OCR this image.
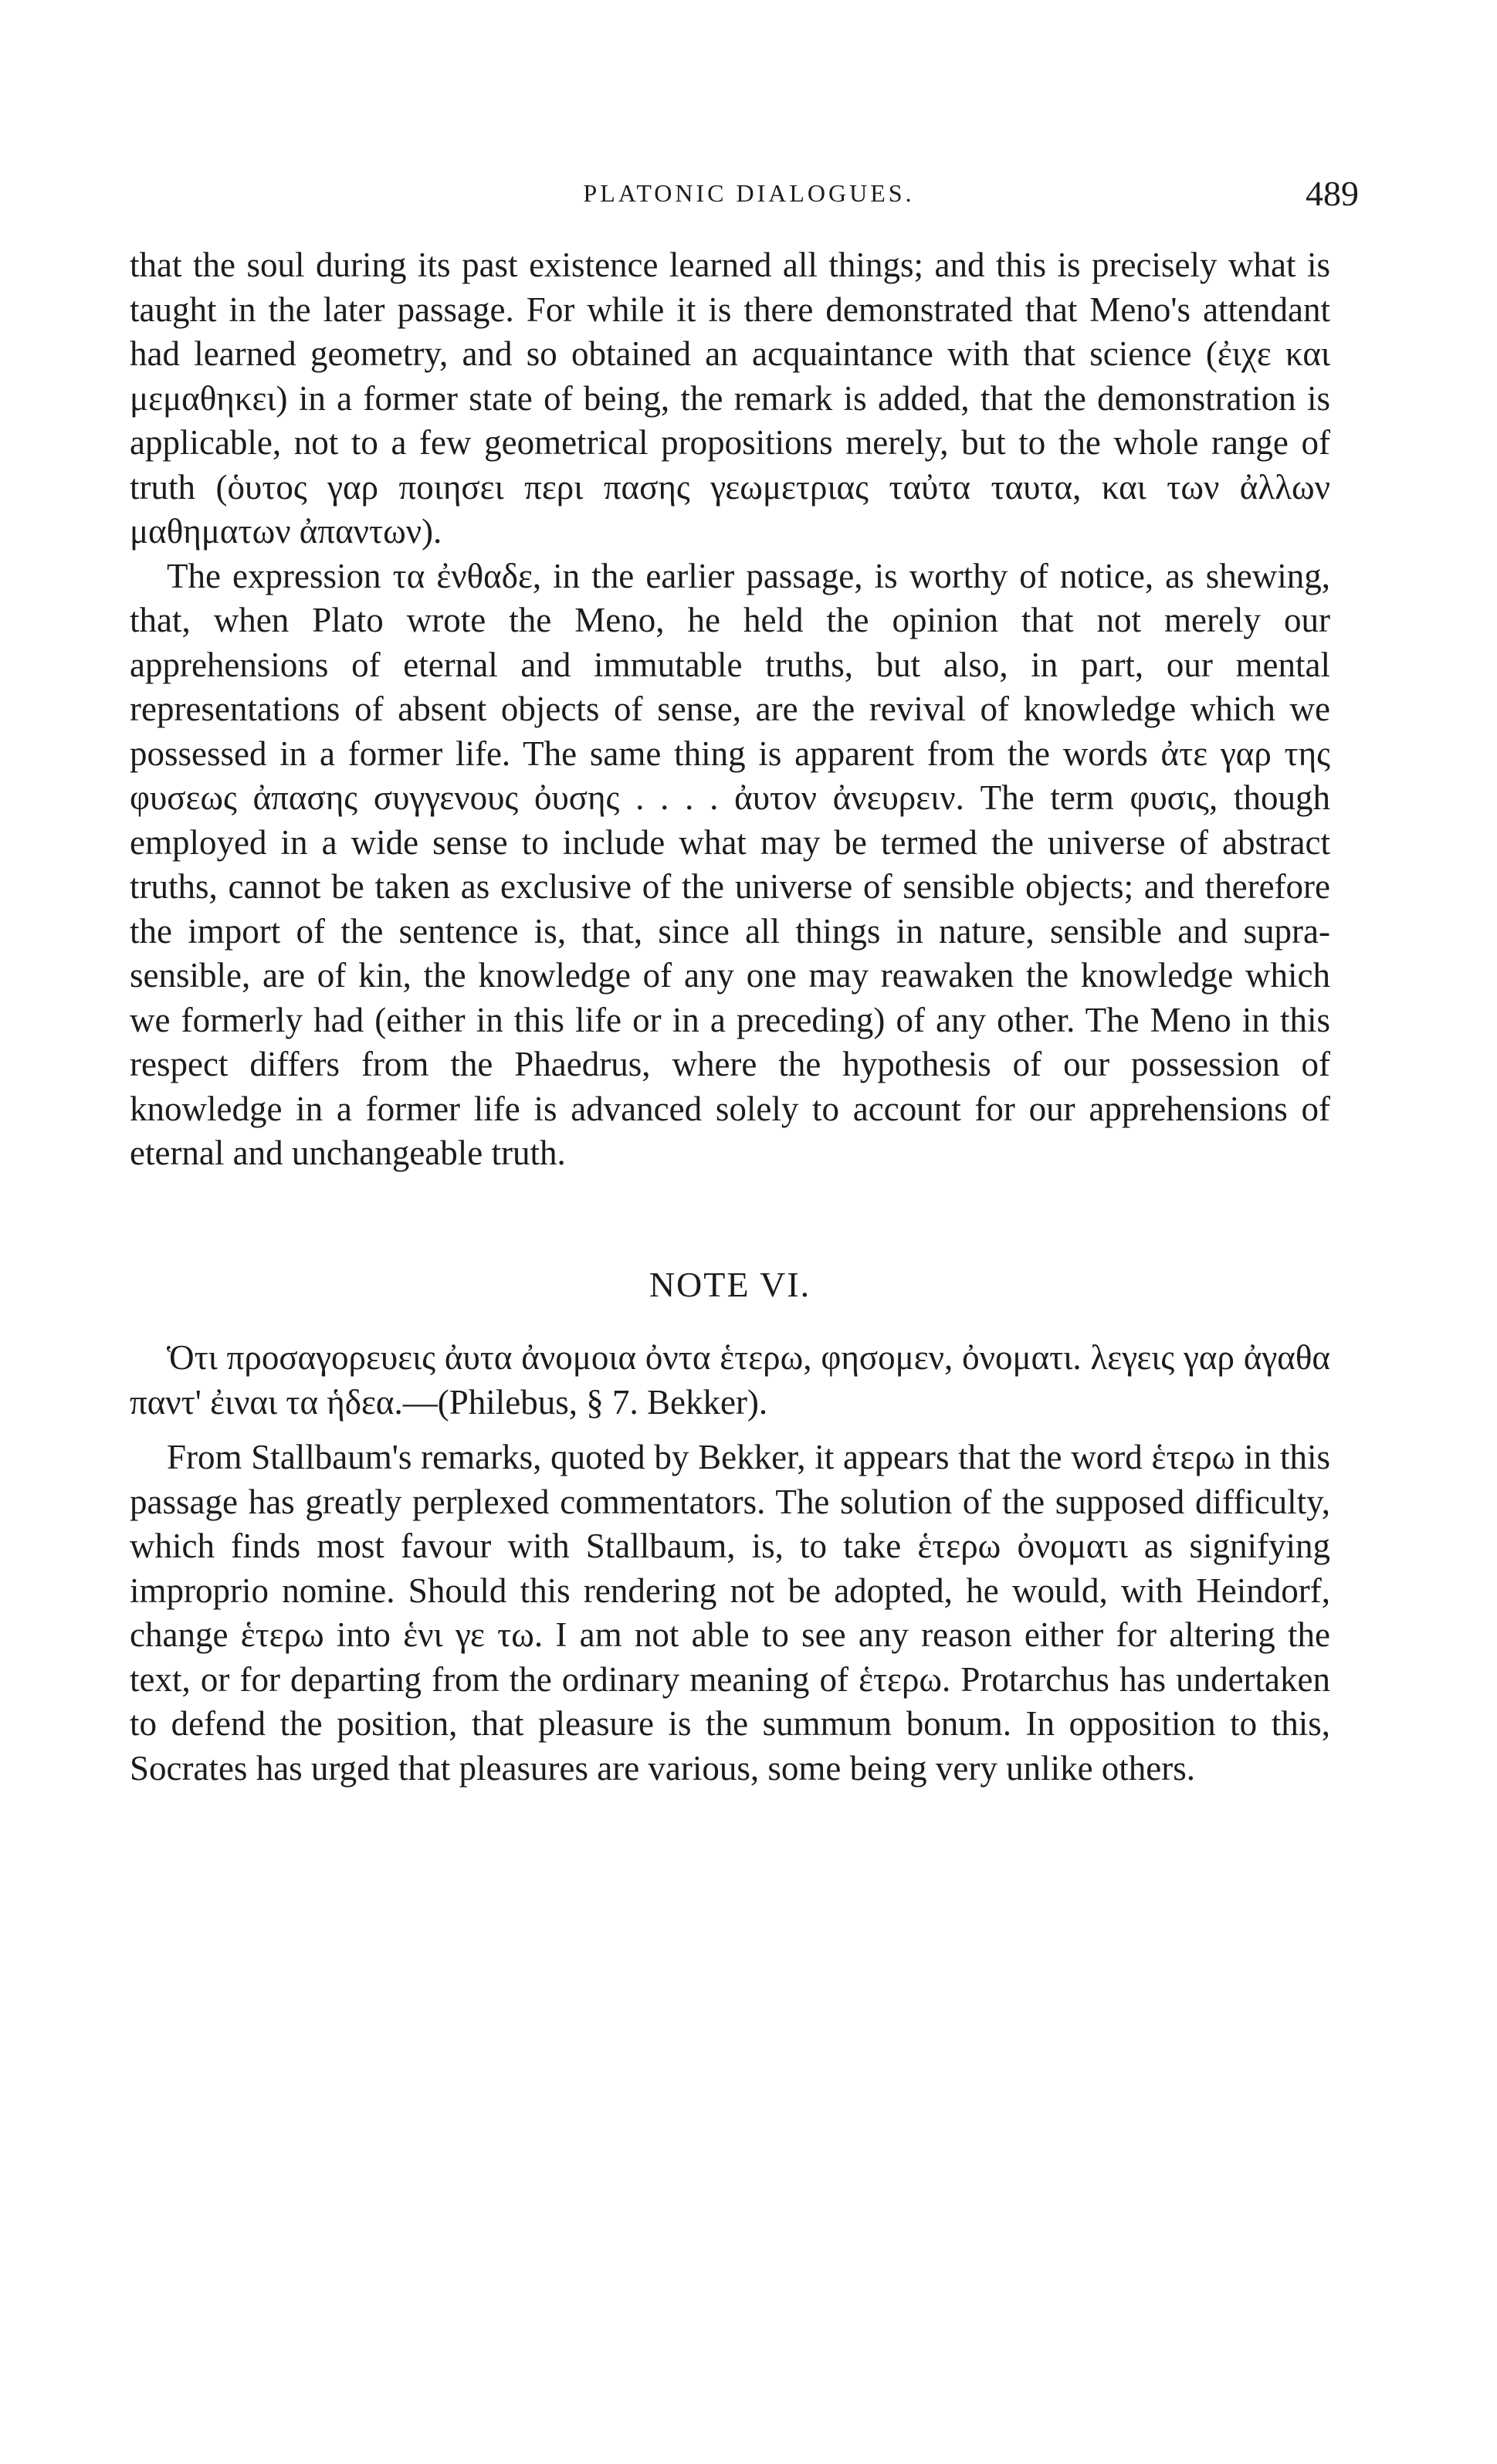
PLATONIC DIALOGUES.	489

that the soul during its past existence learned all things; and this is precisely what is taught in the later passage. For while it is there demonstrated that Meno's attendant had learned geometry, and so obtained an acquaintance with that science (ἐιχε και μεμαθηκει) in a former state of being, the remark is added, that the demonstration is applicable, not to a few geometrical propositions merely, but to the whole range of truth (ὁυτος γαρ ποιησει περι πασης γεωμετριας ταὐτα ταυτα, και των ἀλλων μαθηματων ἀπαντων).

The expression τα ἐνθαδε, in the earlier passage, is worthy of notice, as shewing, that, when Plato wrote the Meno, he held the opinion that not merely our apprehensions of eternal and immutable truths, but also, in part, our mental representations of absent objects of sense, are the revival of knowledge which we possessed in a former life. The same thing is apparent from the words ἀτε γαρ της φυσεως ἀπασης συγγενους ὀυσης . . . . ἀυτον ἀνευρειν. The term φυσις, though employed in a wide sense to include what may be termed the universe of abstract truths, cannot be taken as exclusive of the universe of sensible objects; and therefore the import of the sentence is, that, since all things in nature, sensible and supra-sensible, are of kin, the knowledge of any one may reawaken the knowledge which we formerly had (either in this life or in a preceding) of any other. The Meno in this respect differs from the Phaedrus, where the hypothesis of our possession of knowledge in a former life is advanced solely to account for our apprehensions of eternal and unchangeable truth.

NOTE VI.

Ὁτι προσαγορευεις ἀυτα ἀνομοια ὀντα ἑτερω, φησομεν, ὀνοματι. λεγεις γαρ ἀγαθα παντ' ἐιναι τα ἡδεα.—(Philebus, § 7. Bekker).

From Stallbaum's remarks, quoted by Bekker, it appears that the word ἑτερω in this passage has greatly perplexed commentators. The solution of the supposed difficulty, which finds most favour with Stallbaum, is, to take ἑτερω ὀνοματι as signifying improprio nomine. Should this rendering not be adopted, he would, with Heindorf, change ἑτερω into ἑνι γε τω. I am not able to see any reason either for altering the text, or for departing from the ordinary meaning of ἑτερω. Protarchus has undertaken to defend the position, that pleasure is the summum bonum. In opposition to this, Socrates has urged that pleasures are various, some being very unlike others.
